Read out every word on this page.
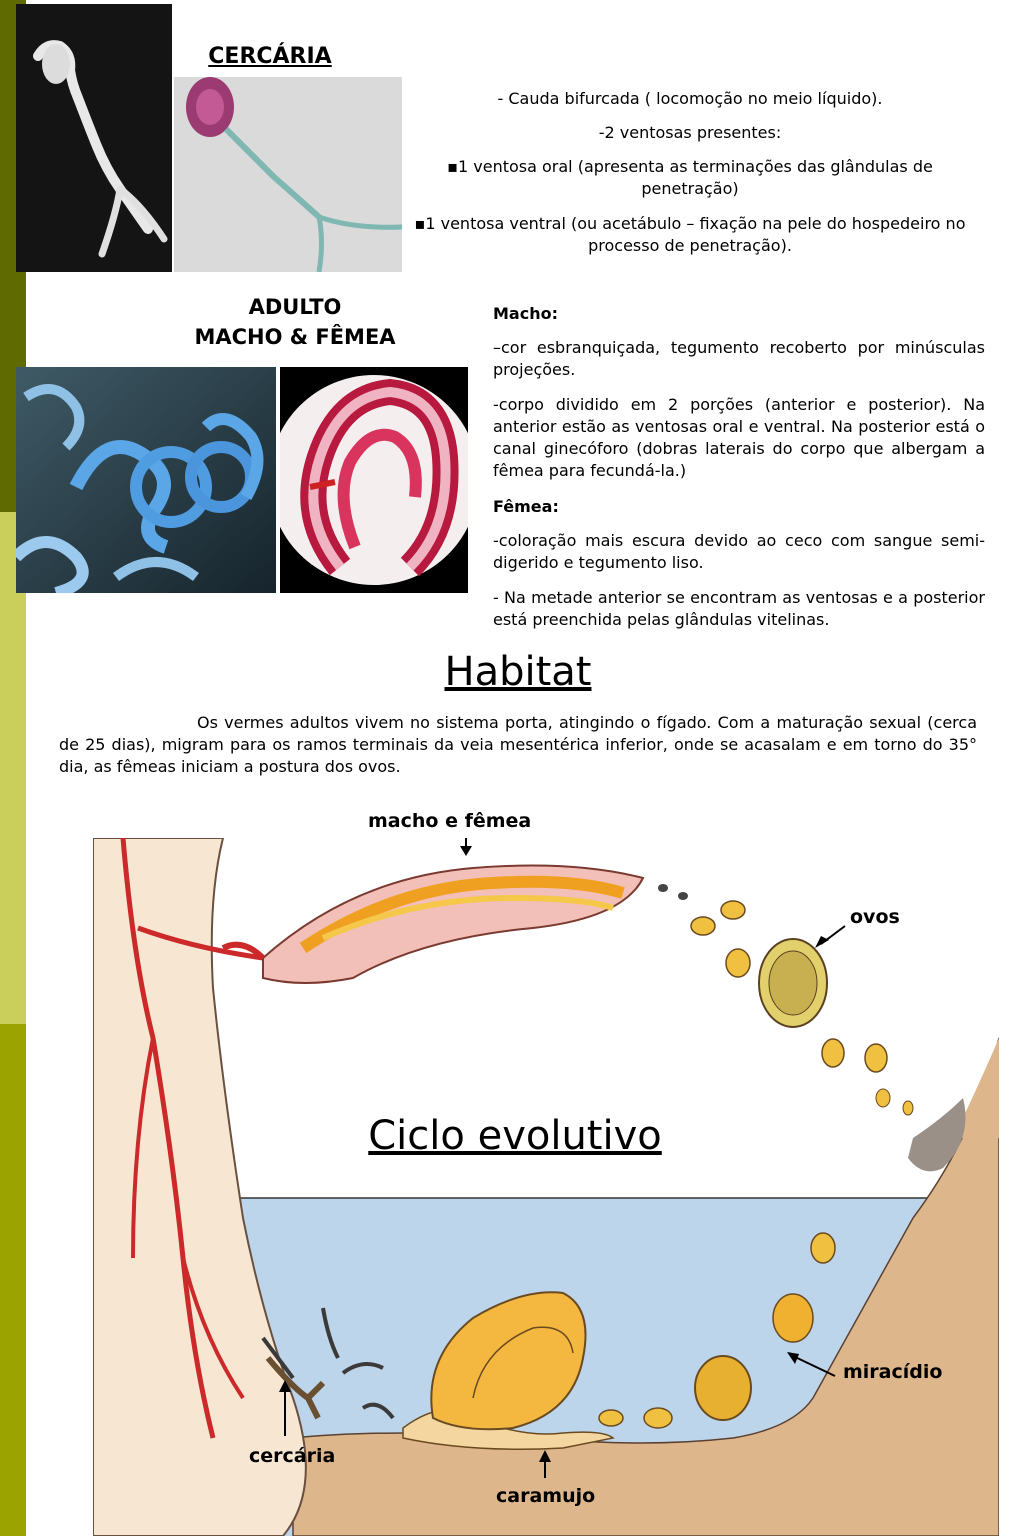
CERCÁRIA
- Cauda bifurcada ( locomoção no meio líquido).
-2 ventosas presentes:
▪1 ventosa oral (apresenta as terminações das glândulas de penetração)
▪1 ventosa ventral (ou acetábulo – fixação na pele do hospedeiro no processo de penetração).
ADULTO
MACHO & FÊMEA
Macho:
–cor esbranquiçada, tegumento recoberto por minúsculas projeções.
-corpo dividido em 2 porções (anterior e posterior). Na anterior estão as ventosas oral e ventral. Na posterior está o canal ginecóforo (dobras laterais do corpo que albergam a fêmea para fecundá-la.)
Fêmea:
-coloração mais escura devido ao ceco com sangue semi-digerido e tegumento liso.
- Na metade anterior se encontram as ventosas e a posterior está preenchida pelas glândulas vitelinas.
Habitat
Os vermes adultos vivem no sistema porta, atingindo o fígado. Com a maturação sexual (cerca de 25 dias), migram para os ramos terminais da veia mesentérica inferior, onde se acasalam e em torno do 35° dia, as fêmeas iniciam a postura dos ovos.
Ciclo evolutivo
macho e fêmea
ovos
miracídio
cercária
caramujo
